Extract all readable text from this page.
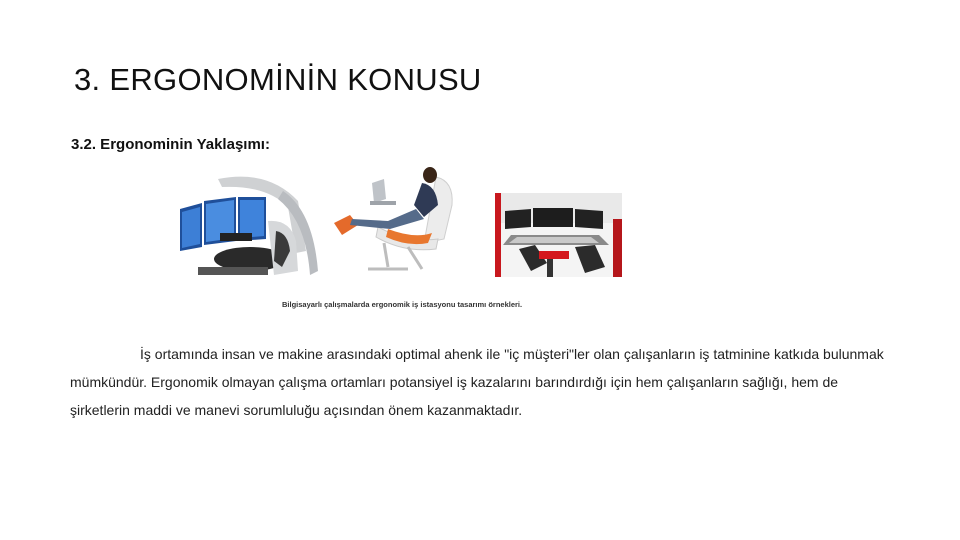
3. ERGONOMİNİN KONUSU
3.2. Ergonominin Yaklaşımı:
Bilgisayarlı çalışmalarda ergonomik iş istasyonu tasarımı örnekleri.

İş ortamında insan ve makine arasındaki optimal ahenk ile "iç müşteri"ler olan çalışanların iş tatminine katkıda bulunmak mümkündür. Ergonomik olmayan çalışma ortamları potansiyel iş kazalarını barındırdığı için hem çalışanların sağlığı, hem de şirketlerin maddi ve manevi sorumluluğu açısından önem kazanmaktadır.
